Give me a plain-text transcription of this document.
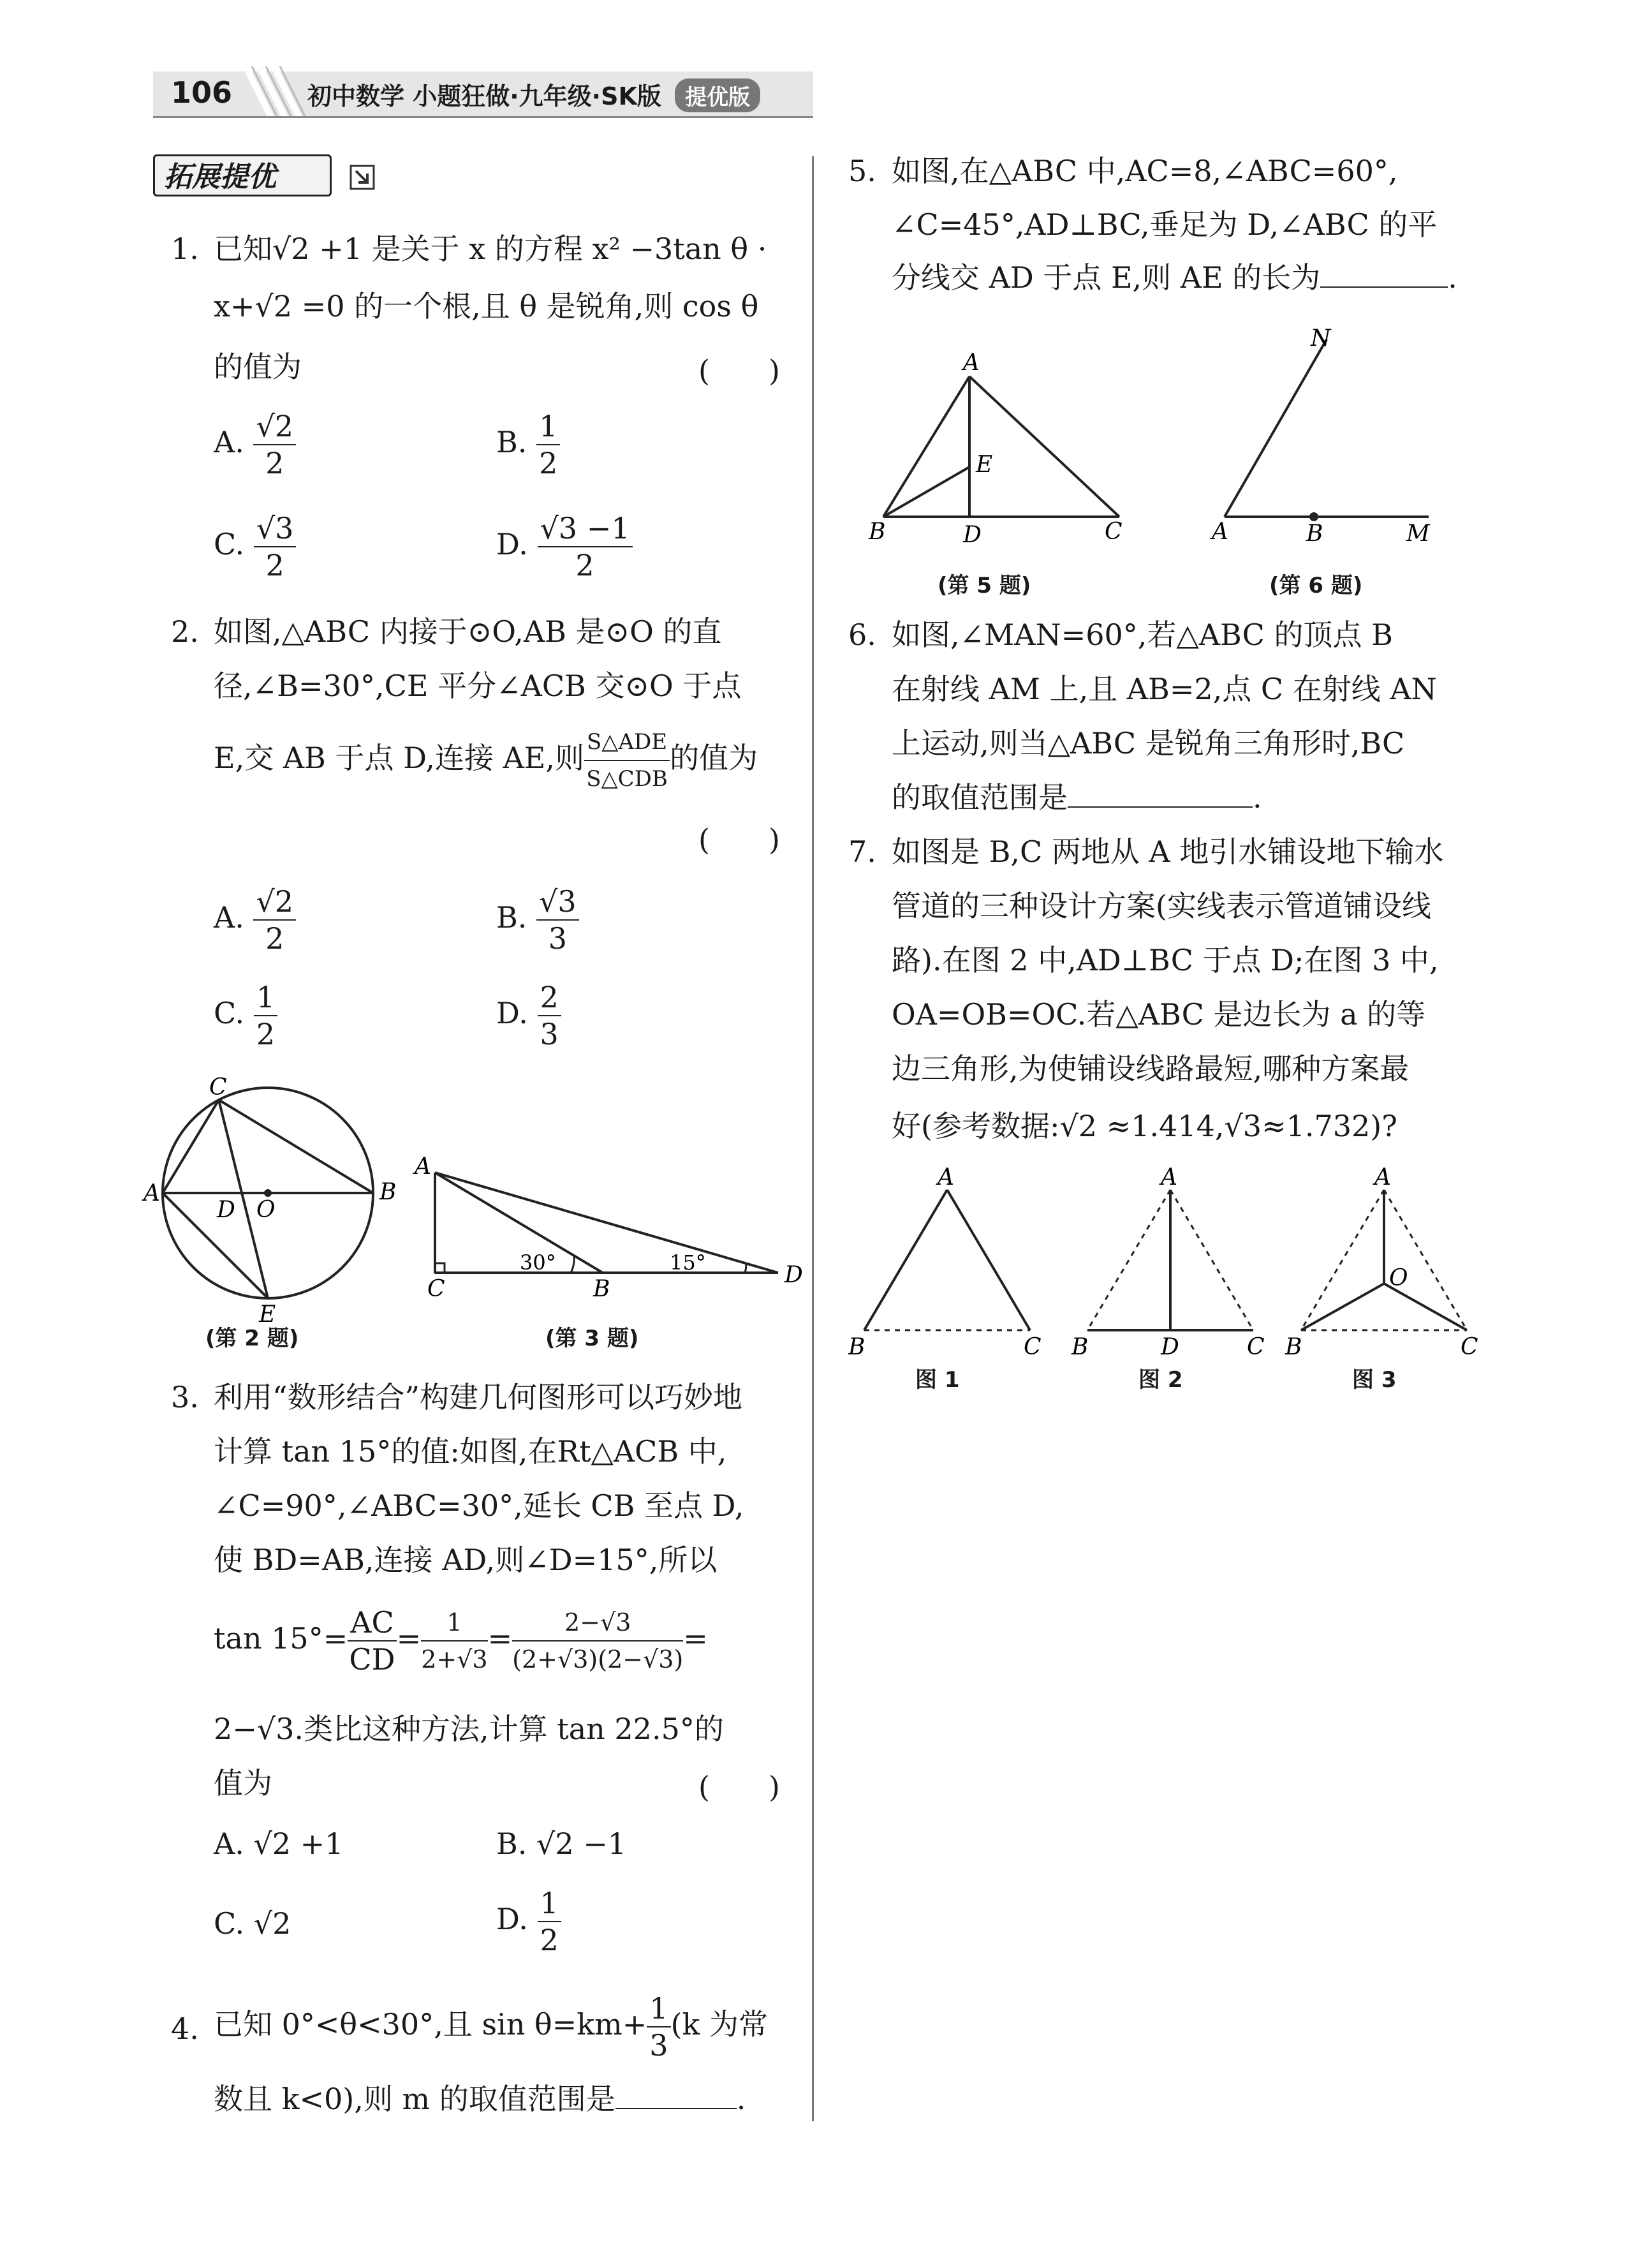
106	初中数学 小题狂做·九年级·SK版 提优版
拓展提优
1. 已知√2 +1 是关于 x 的方程 x² −3tan θ ·
x+√2 =0 的一个根,且 θ 是锐角,则 cos θ
的值为	(　　)
A. $\frac{√2}{2}$	B. $\frac{1}{2}$
C. $\frac{√3}{2}$	D. $\frac{√3 -1}{2}$
2. 如图,△ABC 内接于⊙O,AB 是⊙O 的直
径,∠B=30°,CE 平分∠ACB 交⊙O 于点
E,交 AB 于点 D,连接 AE,则 $\frac{\text{S△ADE}}{\text{S△CDB}}$ 的值为
(　　)
A. $\frac{√2}{2}$	B. $\frac{√3}{3}$
C. $\frac{1}{2}$	D. $\frac{2}{3}$
C
A	B
D O
E
(第 2 题)
A
C	B
D
30°	15°
(第 3 题)
3. 利用“数形结合”构建几何图形可以巧妙地
计算 tan 15°的值:如图,在Rt△ACB 中,
∠C=90°,∠ABC=30°,延长 CB 至点 D,
使 BD=AB,连接 AD,则∠D=15°,所以
$\tan 15^\circ= \frac{AC}{CD} = \frac{1}{2+√3} = \frac{2-√3}{(2+√3)(2-√3)}$ =
2−√3.类比这种方法,计算 tan 22.5°的
值为	(　　)
A. √2 +1	B. √2 −1
C. √2	D. $\frac{1}{2}$
4. 已知 0°<θ<30°,且 $\sin \theta=km+ \frac{1}{3} (k$ 为常
数且 k<0),则 m 的取值范围是	.
5. 如图,在△ABC 中,AC=8,∠ABC=60°,
∠C=45°,AD⊥BC,垂足为 D,∠ABC 的平
分线交 AD 于点 E,则 AE 的长为	.
A
B	D
E
C
(第 5 题)
N
A	B	M
(第 6 题)
6. 如图,∠MAN=60°,若△ABC 的顶点 B
在射线 AM 上,且 AB=2,点 C 在射线 AN
上运动,则当△ABC 是锐角三角形时,BC
的取值范围是	.
7. 如图是 B,C 两地从 A 地引水铺设地下输水
管道的三种设计方案(实线表示管道铺设线
路).在图 2 中,AD⊥BC 于点 D;在图 3 中,
OA=OB=OC.若△ABC 是边长为 a 的等
边三角形,为使铺设线路最短,哪种方案最
好(参考数据:√2 ≈1.414,√3≈1.732)?
A
B	C
A
B	D	C
A
O
B	C
图 1	图 2	图 3
